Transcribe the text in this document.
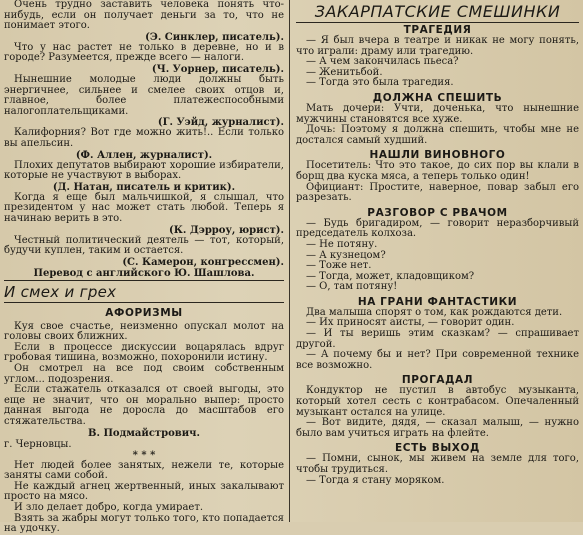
Очень трудно заставить человека понять что-нибудь, если он получает деньги за то, что не понимает этого.

(Э. Синклер, писатель).

Что у нас растет не только в деревне, но и в городе? Разумеется, прежде всего — налоги.

(Ч. Уорнер, писатель).

Нынешние молодые люди должны быть энергичнее, сильнее и смелее своих отцов и, главное, более платежеспособными налогоплательщиками.

(Г. Уэйд, журналист).

Калифорния? Вот где можно жить!.. Если только вы апельсин.

(Ф. Аллен, журналист).

Плохих депутатов выбирают хорошие избиратели, которые не участвуют в выборах.

(Д. Натан, писатель и критик).

Когда я еще был мальчишкой, я слышал, что президентом у нас может стать любой. Теперь я начинаю верить в это.

(К. Дэрроу, юрист).

Честный политический деятель — тот, который, будучи куплен, таким и остается.

(С. Камерон, конгрессмен).
Перевод с английского Ю. Шашлова.
И смех и грех
АФОРИЗМЫ

Куя свое счастье, неизменно опускал молот на головы своих ближних.

Если в процессе дискуссии воцарялась вдруг гробовая тишина, возможно, похоронили истину.

Он смотрел на все под своим собственным углом... подозрения.

Если стажатель отказался от своей выгоды, это еще не значит, что он морально выпер: просто данная выгода не доросла до масштабов его стяжательства.

В. Подмайстрович.
г. Черновцы.
* * *

Нет людей более занятых, нежели те, которые заняты сами собой.

Не каждый агнец жертвенный, иных закалывают просто на мясо.

И зло делает добро, когда умирает.

Взять за жабры могут только того, кто попадается на удочку.

ЗАКАРПАТСКИЕ СМЕШИНКИ
ТРАГЕДИЯ

— Я был вчера в театре и никак не могу понять, что играли: драму или трагедию.

— А чем закончилась пьеса?

— Женитьбой.

— Тогда это была трагедия.

ДОЛЖНА СПЕШИТЬ

Мать дочери: Учти, доченька, что нынешние мужчины становятся все хуже.

Дочь: Поэтому я должна спешить, чтобы мне не достался самый худший.

НАШЛИ ВИНОВНОГО

Посетитель: Что это такое, до сих пор вы клали в борщ два куска мяса, а теперь только один!

Официант: Простите, наверное, повар забыл его разрезать.

РАЗГОВОР С РВАЧОМ

— Будь бригадиром, — говорит неразборчивый председатель колхоза.

— Не потяну.

— А кузнецом?

— Тоже нет.

— Тогда, может, кладовщиком?

— О, там потяну!

НА ГРАНИ ФАНТАСТИКИ

Два малыша спорят о том, как рождаются дети.

— Их приносят аисты, — говорит один.

— И ты веришь этим сказкам? — спрашивает другой.

— А почему бы и нет? При современной технике все возможно.

ПРОГАДАЛ

Кондуктор не пустил в автобус музыканта, который хотел сесть с контрабасом. Опечаленный музыкант остался на улице.

— Вот видите, дядя, — сказал малыш, — нужно было вам учиться играть на флейте.

ЕСТЬ ВЫХОД

— Помни, сынок, мы живем на земле для того, чтобы трудиться.

— Тогда я стану моряком.
